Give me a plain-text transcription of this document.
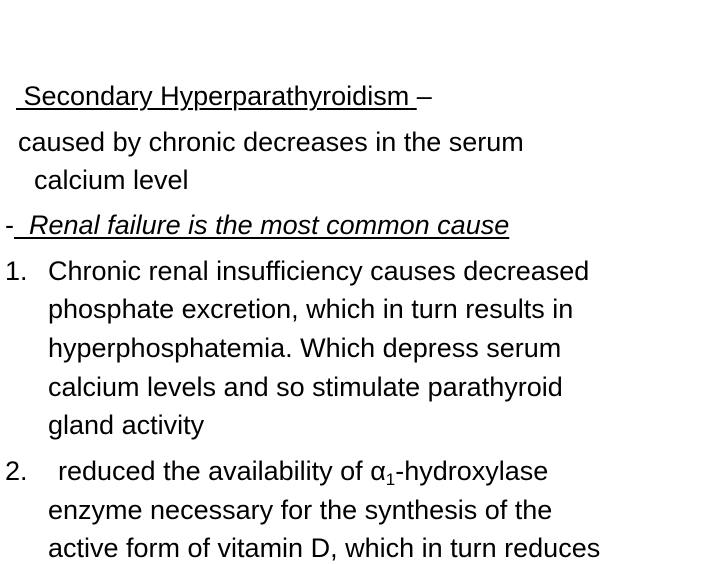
Secondary Hyperparathyroidism –
caused by chronic decreases in the serum
calcium level
- Renal failure is the most common cause
1. Chronic renal insufficiency causes decreased
phosphate excretion, which in turn results in
hyperphosphatemia. Which depress serum
calcium levels and so stimulate parathyroid
gland activity
2. reduced the availability of $\alpha_1$-hydroxylase
enzyme necessary for the synthesis of the
active form of vitamin D, which in turn reduces
